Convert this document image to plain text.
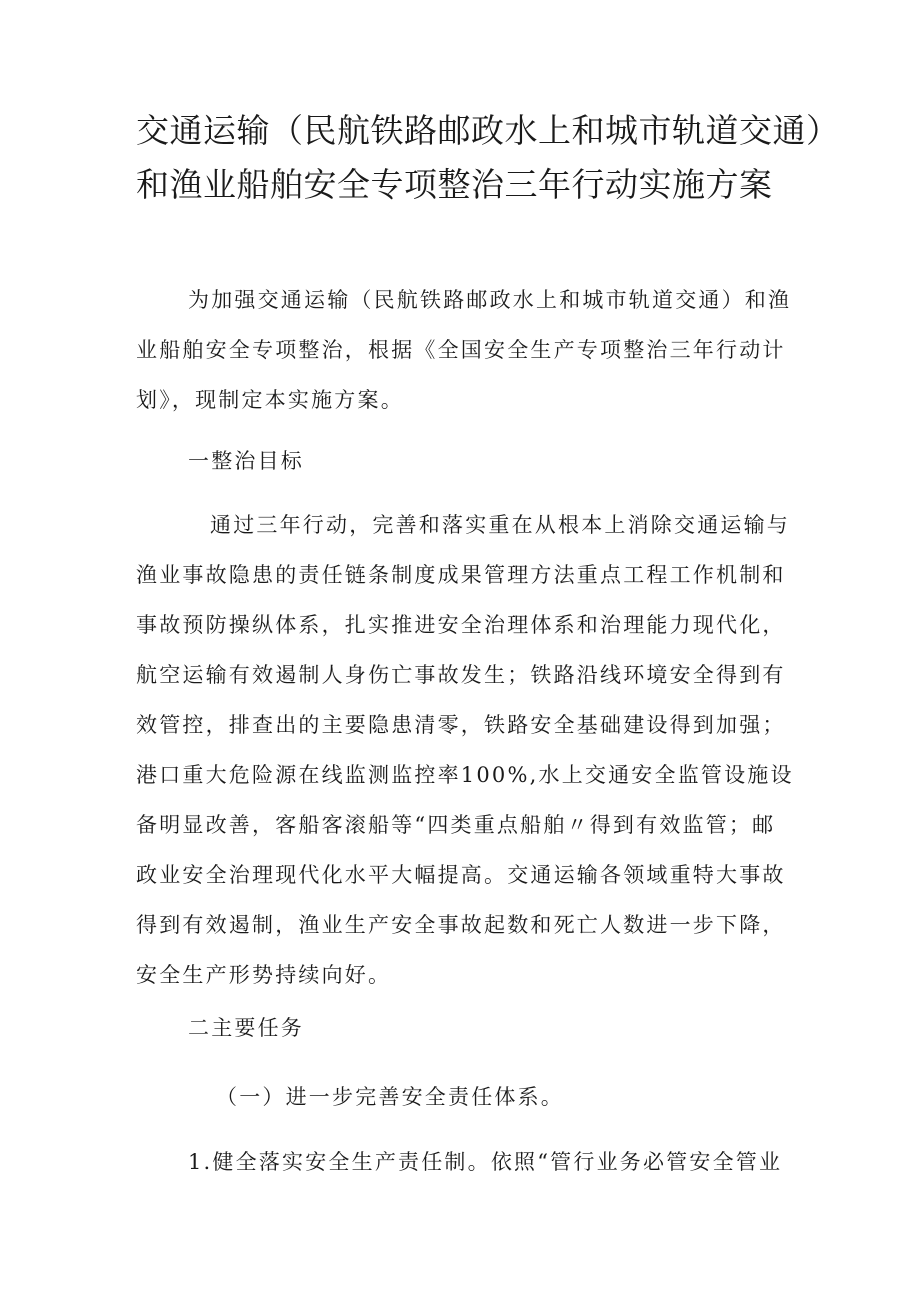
交通运输（民航铁路邮政水上和城市轨道交通）
和渔业船舶安全专项整治三年行动实施方案
为加强交通运输（民航铁路邮政水上和城市轨道交通）和渔
业船舶安全专项整治，根据《全国安全生产专项整治三年行动计
划》，现制定本实施方案。
一整治目标
通过三年行动，完善和落实重在从根本上消除交通运输与
渔业事故隐患的责任链条制度成果管理方法重点工程工作机制和
事故预防操纵体系，扎实推进安全治理体系和治理能力现代化，
航空运输有效遏制人身伤亡事故发生；铁路沿线环境安全得到有
效管控，排查出的主要隐患清零，铁路安全基础建设得到加强；
港口重大危险源在线监测监控率100%,水上交通安全监管设施设
备明显改善，客船客滚船等“四类重点船舶〃得到有效监管；邮
政业安全治理现代化水平大幅提高。交通运输各领域重特大事故
得到有效遏制，渔业生产安全事故起数和死亡人数进一步下降，
安全生产形势持续向好。
二主要任务
（一）进一步完善安全责任体系。
1.健全落实安全生产责任制。依照“管行业务必管安全管业
